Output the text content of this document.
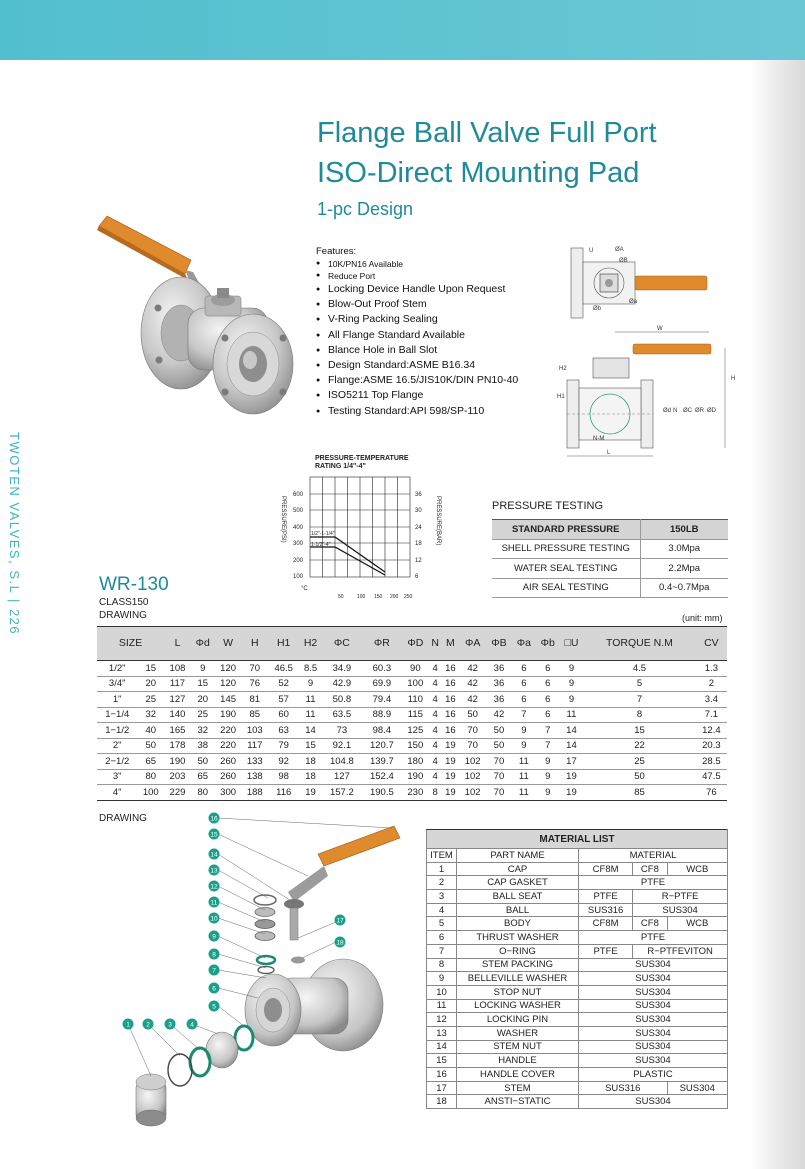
TWOTEN VALVES, S.L | 226
Flange Ball Valve Full Port
ISO-Direct Mounting Pad
1-pc Design
Features:
● 10K/PN16 Available
● Reduce Port
● Locking Device Handle Upon Request
● Blow-Out Proof Stem
● V-Ring Packing Sealing
● All Flange Standard Available
● Blance Hole in Ball Slot
● Design Standard:ASME B16.34
● Flange:ASME 16.5/JIS10K/DIN PN10-40
● ISO5211 Top Flange
● Testing Standard:API 598/SP-110
U	ØA
ØB
Øa
Øb
W
L
N-M
H2
H1
H
Ød N ØC ØR ØD
PRESSURE-TEMPERATURE
RATING 1/4"-4"
1/2"-1-1/4"
1-1/2"-4"
600
500
400
300
200
100
36
30
24
18
12
6
°C
50	100 150 200 250
PRESSURE(PSI)	PRESSURE(BAR)	PRESSURE TESTING
STANDARD PRESSURE	150LB
SHELL PRESSURE TESTING	3.0Mpa
WATER SEAL TESTING	2.2Mpa
AIR SEAL TESTING	0.4~0.7Mpa
WR-130
CLASS150
DRAWING	(unit: mm)
SIZE		L	Φd	W	H	H1	H2	ΦC	ΦR	ΦD	N	M	ΦA	ΦB	Φa	Φb	□U	TORQUE N.M	CV
1/2"	15	108	9	120	70	46.5	8.5	34.9	60.3	90	4	16	42	36	6	6	9	4.5	1.3
3/4"	20	117	15	120	76	52	9	42.9	69.9	100	4	16	42	36	6	6	9	5	2
1"	25	127	20	145	81	57	11	50.8	79.4	110	4	16	42	36	6	6	9	7	3.4
1−1/4	32	140	25	190	85	60	11	63.5	88.9	115	4	16	50	42	7	6	11	8	7.1
1−1/2	40	165	32	220	103	63	14	73	98.4	125	4	16	70	50	9	7	14	15	12.4
2"	50	178	38	220	117	79	15	92.1	120.7	150	4	19	70	50	9	7	14	22	20.3
2−1/2	65	190	50	260	133	92	18	104.8	139.7	180	4	19	102	70	11	9	17	25	28.5
3"	80	203	65	260	138	98	18	127	152.4	190	4	19	102	70	11	9	19	50	47.5
4"	100	229	80	300	188	116	19	157.2	190.5	230	8	19	102	70	11	9	19	85	76
DRAWING
1	2	3	4
5
6
7
8
9
10
11
12
13
14
15
16
17
18
MATERIAL LIST				
ITEM	PART NAME	MATERIAL		
1	CAP	CF8M	CF8	WCB
2	CAP GASKET	PTFE		
3	BALL SEAT	PTFE	R−PTFE	
4	BALL	SUS316	SUS304	
5	BODY	CF8M	CF8	WCB
6	THRUST WASHER	PTFE		
7	O−RING	PTFE	R−PTFEVITON	
8	STEM PACKING	SUS304		
9	BELLEVILLE WASHER	SUS304		
10	STOP NUT	SUS304		
11	LOCKING WASHER	SUS304		
12	LOCKING PIN	SUS304		
13	WASHER	SUS304		
14	STEM NUT	SUS304		
15	HANDLE	SUS304		
16	HANDLE COVER	PLASTIC		
17	STEM	SUS316		SUS304
18	ANSTI−STATIC	SUS304		
